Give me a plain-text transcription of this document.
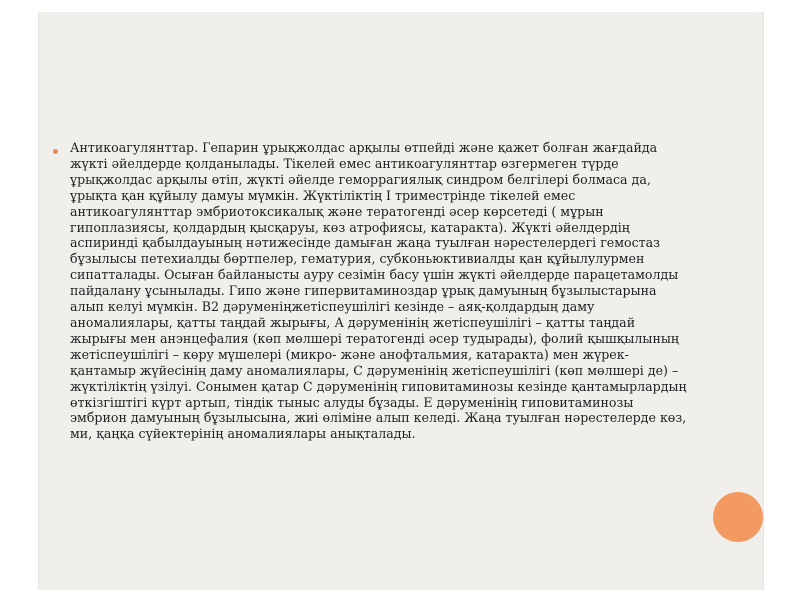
Антикоагулянттар. Гепарин ұрықжолдас арқылы өтпейді және қажет болған жағдайда жүкті әйелдерде қолданылады. Тікелей емес антикоагулянттар өзгермеген түрде ұрықжолдас арқылы өтіп, жүкті әйелде геморрагиялық синдром белгілері болмаса да, ұрықта қан құйылу дамуы мүмкін. Жүктіліктің I триместрінде тікелей емес антикоагулянттар эмбриотоксикалық және тератогенді әсер көрсетеді ( мұрын гипоплазиясы, қолдардың қысқаруы, көз атрофиясы, катаракта). Жүкті әйелдердің аспиринді қабылдауының нәтижесінде дамыған жаңа туылған нәрестелердегі гемостаз бұзылысы петехиалды бөртпелер, гематурия, субконьюктивиалды қан құйылулурмен сипатталады. Осыған байланысты ауру сезімін басу үшін жүкті әйелдерде парацетамолды пайдалану ұсынылады. Гипо және гипервитаминоздар ұрық дамуының бұзылыстарына алып келуі мүмкін. В2 дәруменіңжетіспеушілігі кезінде – аяқ-қолдардың даму аномалиялары, қатты таңдай жырығы, А дәруменінің жетіспеушілігі – қатты таңдай жырығы мен анэнцефалия (көп мөлшері тератогенді әсер тудырады), фолий қышқылының жетіспеушілігі – көру мүшелері (микро- және анофтальмия, катаракта) мен жүрек-қантамыр жүйесінің даму аномалиялары, С дәруменінің жетіспеушілігі (көп мөлшері де) – жүктіліктің үзілуі. Сонымен қатар С дәруменінің гиповитаминозы кезінде қантамырлардың өткізгіштігі күрт артып, тіндік тыныс алуды бұзады. Е дәруменінің гиповитаминозы эмбрион дамуының бұзылысына, жиі өліміне алып келеді. Жаңа туылған нәрестелерде көз, ми, қаңқа сүйектерінің аномалиялары анықталады.
